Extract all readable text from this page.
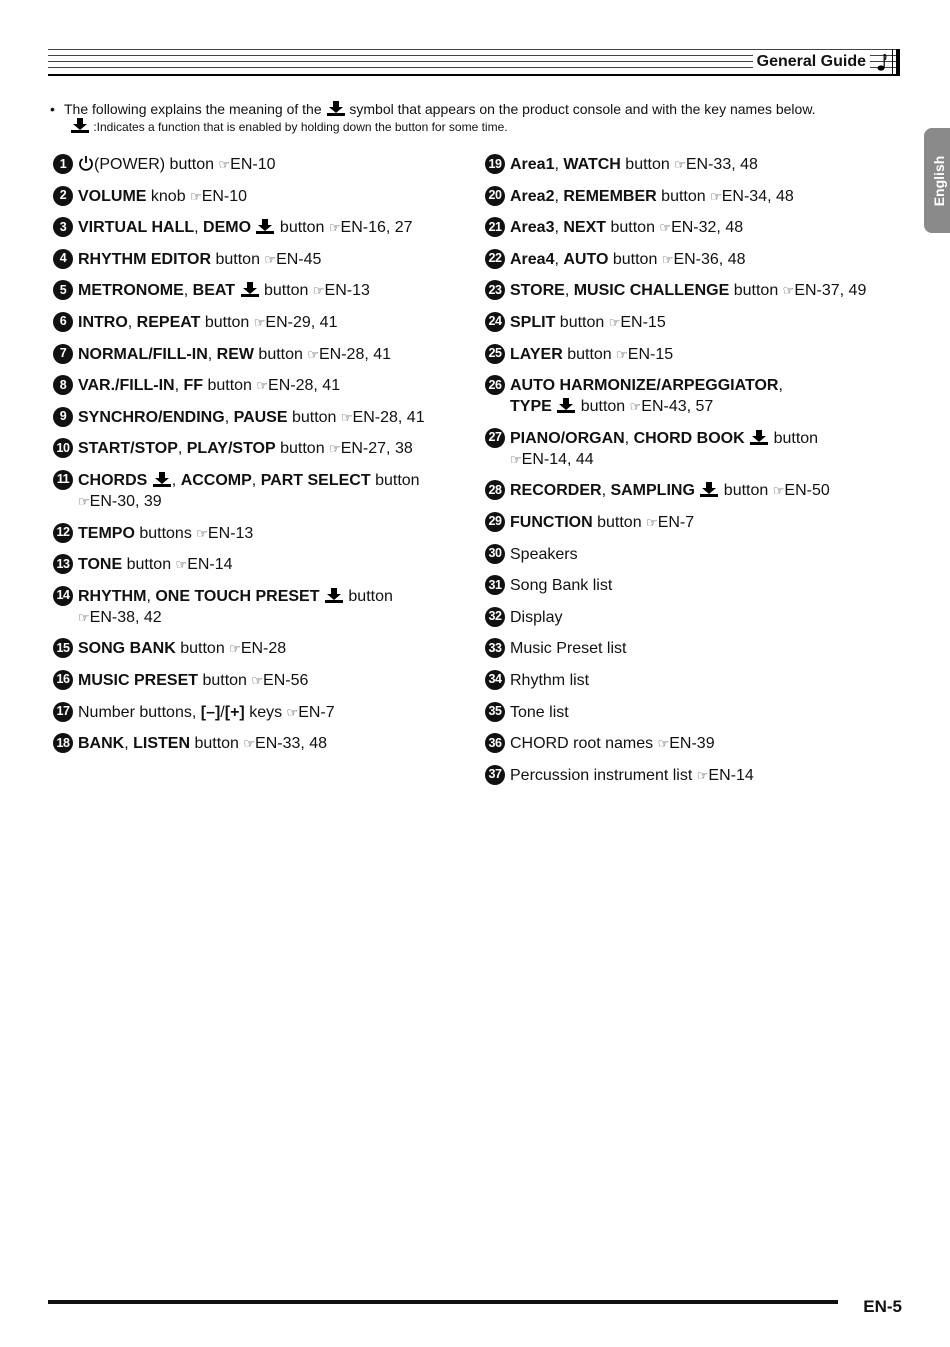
General Guide
English
• The following explains the meaning of the

symbol that appears on the product console and with the key names below.

:Indicates a function that is enabled by holding down the button for some time.
1	(POWER) button ☞EN-10
2 VOLUME knob ☞EN-10
3 VIRTUAL HALL, DEMO  button ☞EN-16, 27
4 RHYTHM EDITOR button ☞EN-45
5 METRONOME, BEAT  button ☞EN-13
6 INTRO, REPEAT button ☞EN-29, 41
7 NORMAL/FILL-IN, REW button ☞EN-28, 41
8 VAR./FILL-IN, FF button ☞EN-28, 41
9 SYNCHRO/ENDING, PAUSE button ☞EN-28, 41
10 START/STOP, PLAY/STOP button ☞EN-27, 38
11 CHORDS , ACCOMP, PART SELECT button
☞EN-30, 39
12 TEMPO buttons ☞EN-13
13 TONE button ☞EN-14
14 RHYTHM, ONE TOUCH PRESET  button
☞EN-38, 42
15 SONG BANK button ☞EN-28
16 MUSIC PRESET button ☞EN-56
17 Number buttons, [–]/[+] keys ☞EN-7
18 BANK, LISTEN button ☞EN-33, 48
19 Area1, WATCH button ☞EN-33, 48
20 Area2, REMEMBER button ☞EN-34, 48
21 Area3, NEXT button ☞EN-32, 48
22 Area4, AUTO button ☞EN-36, 48
23 STORE, MUSIC CHALLENGE button ☞EN-37, 49
24 SPLIT button ☞EN-15
25 LAYER button ☞EN-15
26 AUTO HARMONIZE/ARPEGGIATOR,
TYPE  button ☞EN-43, 57
27 PIANO/ORGAN, CHORD BOOK  button
☞EN-14, 44
28 RECORDER, SAMPLING  button ☞EN-50
29 FUNCTION button ☞EN-7
30 Speakers
31 Song Bank list
32 Display
33 Music Preset list
34 Rhythm list
35 Tone list
36 CHORD root names ☞EN-39
37 Percussion instrument list ☞EN-14
EN-5
